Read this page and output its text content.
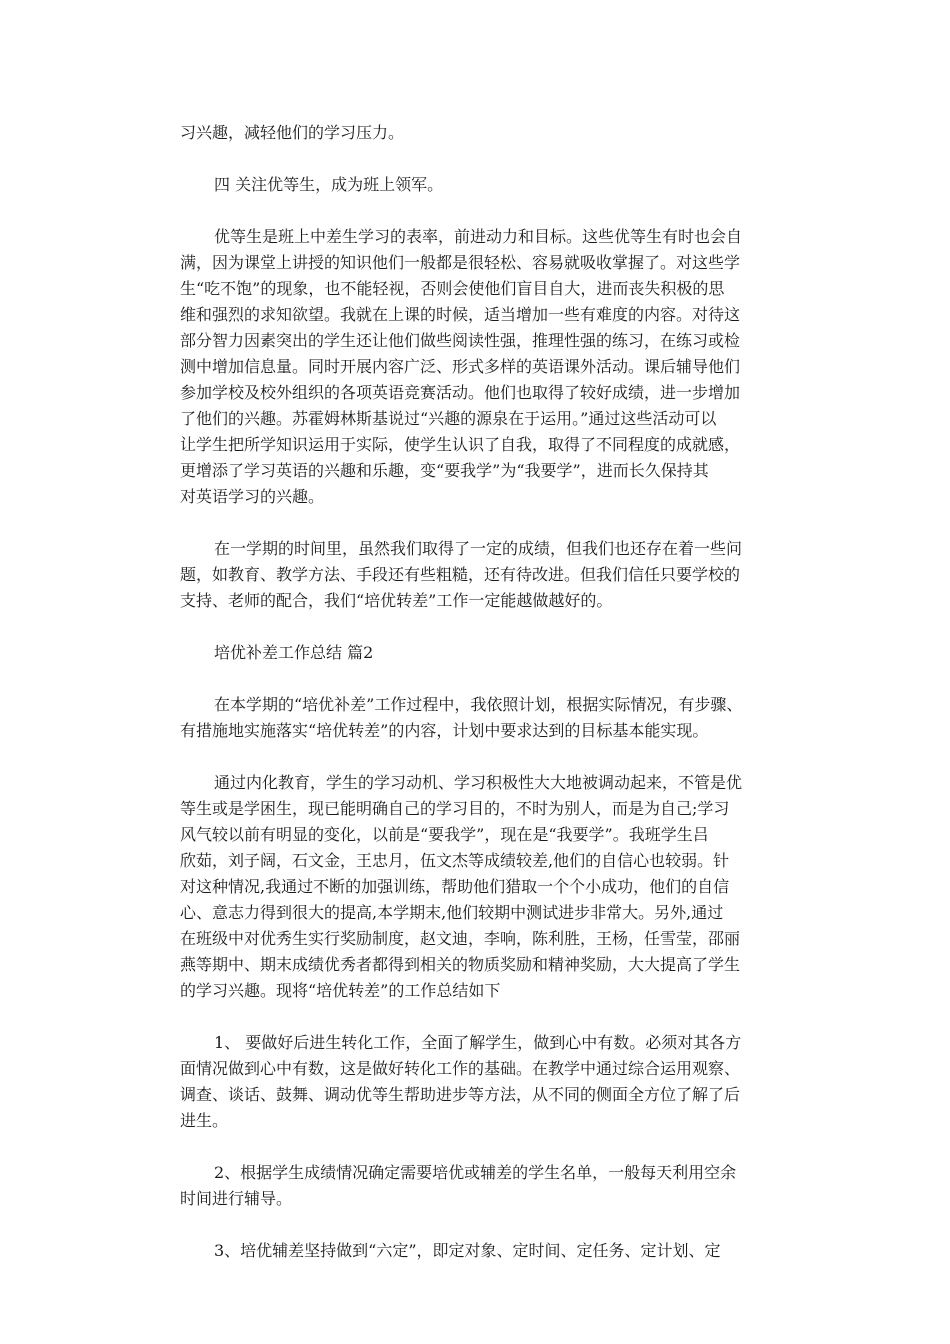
习兴趣，减轻他们的学习压力。

四 关注优等生，成为班上领军。

优等生是班上中差生学习的表率，前进动力和目标。这些优等生有时也会自
满，因为课堂上讲授的知识他们一般都是很轻松、容易就吸收掌握了。对这些学
生“吃不饱”的现象，也不能轻视，否则会使他们盲目自大，进而丧失积极的思
维和强烈的求知欲望。我就在上课的时候，适当增加一些有难度的内容。对待这
部分智力因素突出的学生还让他们做些阅读性强，推理性强的练习，在练习或检
测中增加信息量。同时开展内容广泛、形式多样的英语课外活动。课后辅导他们
参加学校及校外组织的各项英语竞赛活动。他们也取得了较好成绩，进一步增加
了他们的兴趣。苏霍姆林斯基说过“兴趣的源泉在于运用。”通过这些活动可以
让学生把所学知识运用于实际，使学生认识了自我，取得了不同程度的成就感，
更增添了学习英语的兴趣和乐趣，变“要我学”为“我要学”，进而长久保持其
对英语学习的兴趣。

在一学期的时间里，虽然我们取得了一定的成绩，但我们也还存在着一些问
题，如教育、教学方法、手段还有些粗糙，还有待改进。但我们信任只要学校的
支持、老师的配合，我们“培优转差”工作一定能越做越好的。

培优补差工作总结 篇2

在本学期的“培优补差”工作过程中，我依照计划，根据实际情况，有步骤、
有措施地实施落实“培优转差”的内容，计划中要求达到的目标基本能实现。

通过内化教育，学生的学习动机、学习积极性大大地被调动起来，不管是优
等生或是学困生，现已能明确自己的学习目的，不时为别人，而是为自己;学习
风气较以前有明显的变化，以前是“要我学”，现在是“我要学”。我班学生吕
欣茹，刘子阔，石文金，王忠月，伍文杰等成绩较差,他们的自信心也较弱。针
对这种情况,我通过不断的加强训练，帮助他们猎取一个个小成功，他们的自信
心、意志力得到很大的提高,本学期末,他们较期中测试进步非常大。另外,通过
在班级中对优秀生实行奖励制度，赵文迪，李响，陈利胜，王杨，任雪莹，邵丽
燕等期中、期末成绩优秀者都得到相关的物质奖励和精神奖励，大大提高了学生
的学习兴趣。现将“培优转差”的工作总结如下

1、 要做好后进生转化工作，全面了解学生，做到心中有数。必须对其各方
面情况做到心中有数，这是做好转化工作的基础。在教学中通过综合运用观察、
调查、谈话、鼓舞、调动优等生帮助进步等方法，从不同的侧面全方位了解了后
进生。

2、根据学生成绩情况确定需要培优或辅差的学生名单，一般每天利用空余
时间进行辅导。

3、培优辅差坚持做到“六定”，即定对象、定时间、定任务、定计划、定
